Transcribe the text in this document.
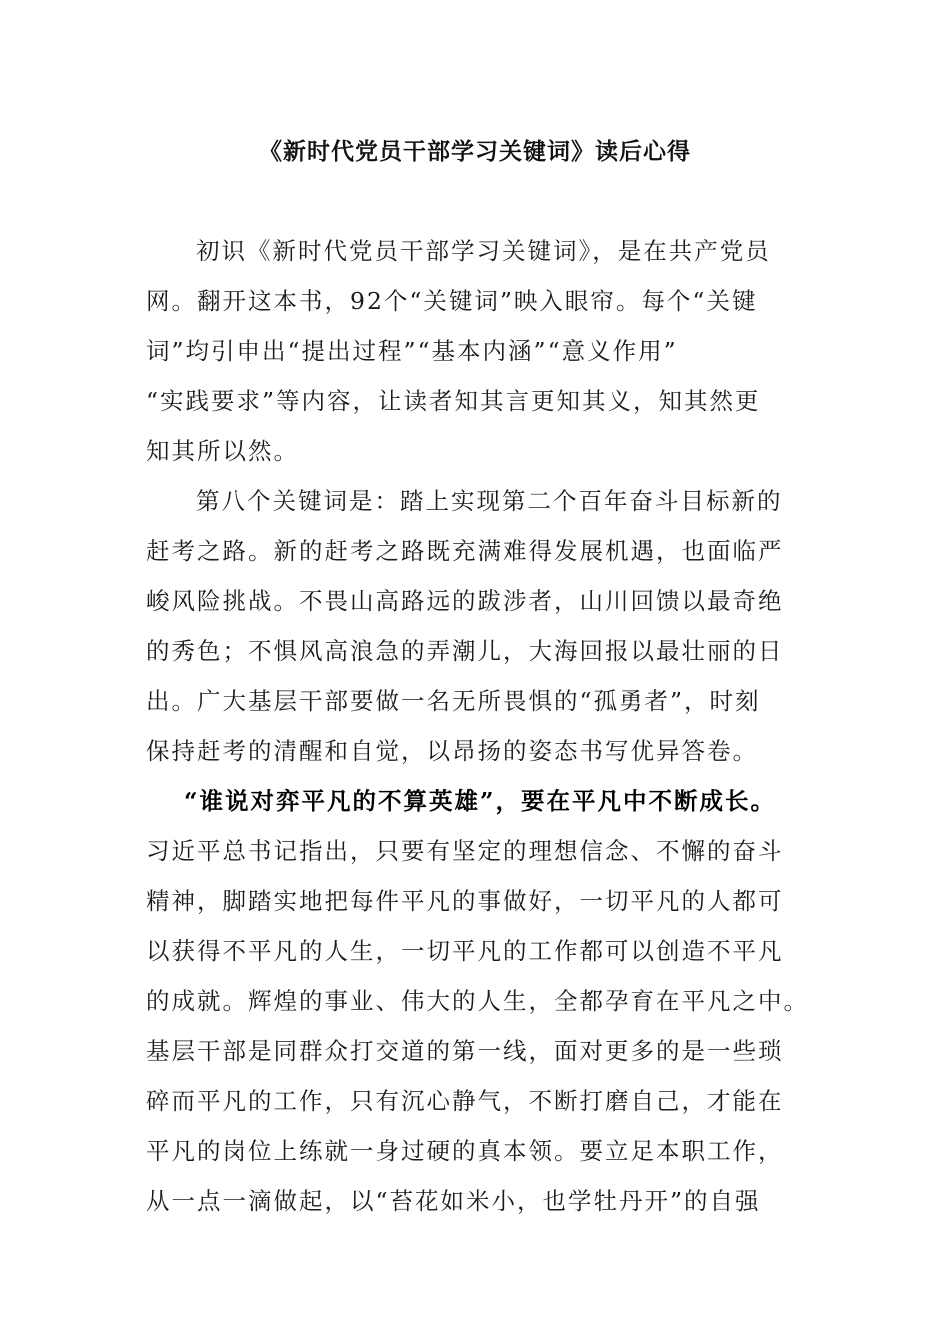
《新时代党员干部学习关键词》读后心得

初识《新时代党员干部学习关键词》，是在共产党员

网。翻开这本书，92个“关键词”映入眼帘。每个“关键

词”均引申出“提出过程”“基本内涵”“意义作用”

“实践要求”等内容，让读者知其言更知其义，知其然更

知其所以然。

第八个关键词是：踏上实现第二个百年奋斗目标新的

赶考之路。新的赶考之路既充满难得发展机遇，也面临严

峻风险挑战。不畏山高路远的跋涉者，山川回馈以最奇绝

的秀色；不惧风高浪急的弄潮儿，大海回报以最壮丽的日

出。广大基层干部要做一名无所畏惧的“孤勇者”，时刻

保持赶考的清醒和自觉，以昂扬的姿态书写优异答卷。

“谁说对弈平凡的不算英雄”，要在平凡中不断成长。

习近平总书记指出，只要有坚定的理想信念、不懈的奋斗

精神，脚踏实地把每件平凡的事做好，一切平凡的人都可

以获得不平凡的人生，一切平凡的工作都可以创造不平凡

的成就。辉煌的事业、伟大的人生，全都孕育在平凡之中。

基层干部是同群众打交道的第一线，面对更多的是一些琐

碎而平凡的工作，只有沉心静气，不断打磨自己，才能在

平凡的岗位上练就一身过硬的真本领。要立足本职工作，

从一点一滴做起，以“苔花如米小，也学牡丹开”的自强
